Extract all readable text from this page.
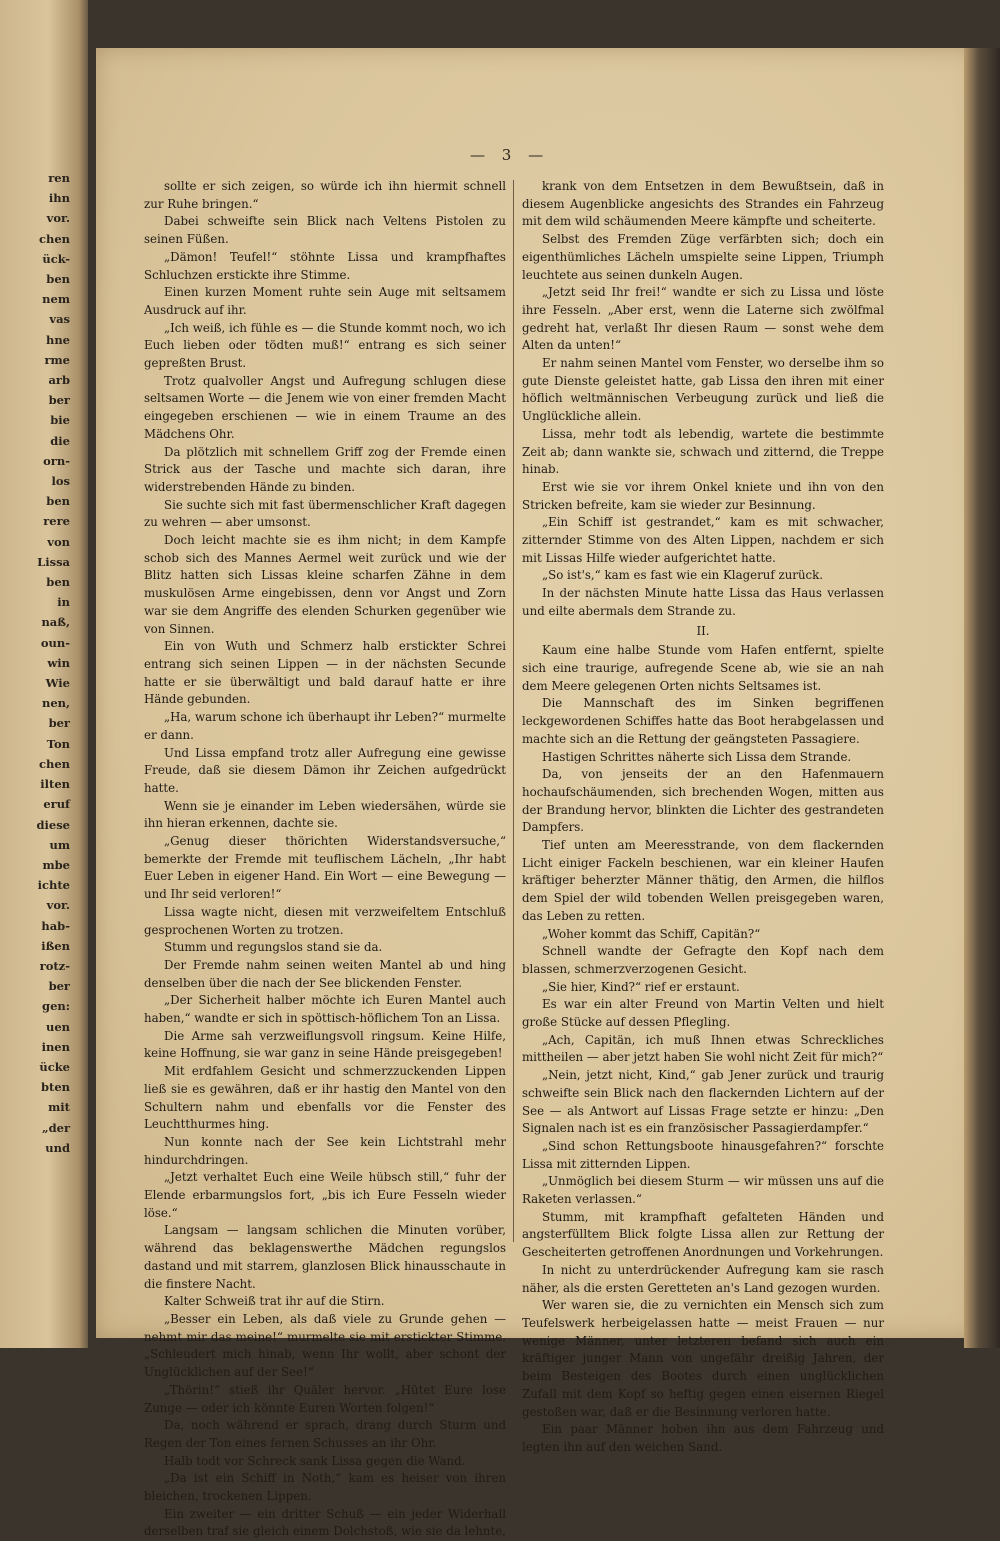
ren
ihn
vor.
chen
ück-
ben
nem
vas
hne
rme
arb
ber
bie
die
orn-
los
ben
rere
von
Lissa
ben
in
naß,
oun-
win
Wie
nen,
ber
Ton
chen
ilten
eruf
diese
um
mbe
ichte
vor.
hab-
ißen
rotz-
ber
gen:
uen
inen
ücke
bten
mit
„der
und
— 3 —

sollte er sich zeigen, so würde ich ihn hiermit schnell zur Ruhe bringen.“

Dabei schweifte sein Blick nach Veltens Pistolen zu seinen Füßen.

„Dämon! Teufel!“ stöhnte Lissa und krampfhaftes Schluchzen erstickte ihre Stimme.

Einen kurzen Moment ruhte sein Auge mit seltsamem Ausdruck auf ihr.

„Ich weiß, ich fühle es — die Stunde kommt noch, wo ich Euch lieben oder tödten muß!“ entrang es sich seiner gepreßten Brust.

Trotz qualvoller Angst und Aufregung schlugen diese seltsamen Worte — die Jenem wie von einer fremden Macht eingegeben erschienen — wie in einem Traume an des Mädchens Ohr.

Da plötzlich mit schnellem Griff zog der Fremde einen Strick aus der Tasche und machte sich daran, ihre widerstrebenden Hände zu binden.

Sie suchte sich mit fast übermenschlicher Kraft dagegen zu wehren — aber umsonst.

Doch leicht machte sie es ihm nicht; in dem Kampfe schob sich des Mannes Aermel weit zurück und wie der Blitz hatten sich Lissas kleine scharfen Zähne in dem muskulösen Arme eingebissen, denn vor Angst und Zorn war sie dem Angriffe des elenden Schurken gegenüber wie von Sinnen.

Ein von Wuth und Schmerz halb erstickter Schrei entrang sich seinen Lippen — in der nächsten Secunde hatte er sie überwältigt und bald darauf hatte er ihre Hände gebunden.

„Ha, warum schone ich überhaupt ihr Leben?“ murmelte er dann.

Und Lissa empfand trotz aller Aufregung eine gewisse Freude, daß sie diesem Dämon ihr Zeichen aufgedrückt hatte.

Wenn sie je einander im Leben wiedersähen, würde sie ihn hieran erkennen, dachte sie.

„Genug dieser thörichten Widerstandsversuche,“ bemerkte der Fremde mit teuflischem Lächeln, „Ihr habt Euer Leben in eigener Hand. Ein Wort — eine Bewegung — und Ihr seid verloren!“

Lissa wagte nicht, diesen mit verzweifeltem Entschluß gesprochenen Worten zu trotzen.

Stumm und regungslos stand sie da.

Der Fremde nahm seinen weiten Mantel ab und hing denselben über die nach der See blickenden Fenster.

„Der Sicherheit halber möchte ich Euren Mantel auch haben,“ wandte er sich in spöttisch-höflichem Ton an Lissa.

Die Arme sah verzweiflungsvoll ringsum. Keine Hilfe, keine Hoffnung, sie war ganz in seine Hände preisgegeben!

Mit erdfahlem Gesicht und schmerzzuckenden Lippen ließ sie es gewähren, daß er ihr hastig den Mantel von den Schultern nahm und ebenfalls vor die Fenster des Leuchtthurmes hing.

Nun konnte nach der See kein Lichtstrahl mehr hindurchdringen.

„Jetzt verhaltet Euch eine Weile hübsch still,“ fuhr der Elende erbarmungslos fort, „bis ich Eure Fesseln wieder löse.“

Langsam — langsam schlichen die Minuten vorüber, während das beklagenswerthe Mädchen regungslos dastand und mit starrem, glanzlosen Blick hinausschaute in die finstere Nacht.

Kalter Schweiß trat ihr auf die Stirn.

„Besser ein Leben, als daß viele zu Grunde gehen — nehmt mir das meine!“ murmelte sie mit erstickter Stimme. „Schleudert mich hinab, wenn Ihr wollt, aber schont der Unglücklichen auf der See!“

„Thörin!“ stieß ihr Quäler hervor. „Hütet Eure lose Zunge — oder ich könnte Euren Worten folgen!“

Da, noch während er sprach, drang durch Sturm und Regen der Ton eines fernen Schusses an ihr Ohr.

Halb todt vor Schreck sank Lissa gegen die Wand.

„Da ist ein Schiff in Noth,“ kam es heiser von ihren bleichen, trockenen Lippen.

Ein zweiter — ein dritter Schuß — ein jeder Widerhall derselben traf sie gleich einem Dolchstoß, wie sie da lehnte,

krank von dem Entsetzen in dem Bewußtsein, daß in diesem Augenblicke angesichts des Strandes ein Fahrzeug mit dem wild schäumenden Meere kämpfte und scheiterte.

Selbst des Fremden Züge verfärbten sich; doch ein eigenthümliches Lächeln umspielte seine Lippen, Triumph leuchtete aus seinen dunkeln Augen.

„Jetzt seid Ihr frei!“ wandte er sich zu Lissa und löste ihre Fesseln. „Aber erst, wenn die Laterne sich zwölfmal gedreht hat, verlaßt Ihr diesen Raum — sonst wehe dem Alten da unten!“

Er nahm seinen Mantel vom Fenster, wo derselbe ihm so gute Dienste geleistet hatte, gab Lissa den ihren mit einer höflich weltmännischen Verbeugung zurück und ließ die Unglückliche allein.

Lissa, mehr todt als lebendig, wartete die bestimmte Zeit ab; dann wankte sie, schwach und zitternd, die Treppe hinab.

Erst wie sie vor ihrem Onkel kniete und ihn von den Stricken befreite, kam sie wieder zur Besinnung.

„Ein Schiff ist gestrandet,“ kam es mit schwacher, zitternder Stimme von des Alten Lippen, nachdem er sich mit Lissas Hilfe wieder aufgerichtet hatte.

„So ist's,“ kam es fast wie ein Klageruf zurück.

In der nächsten Minute hatte Lissa das Haus verlassen und eilte abermals dem Strande zu.

II.

Kaum eine halbe Stunde vom Hafen entfernt, spielte sich eine traurige, aufregende Scene ab, wie sie an nah dem Meere gelegenen Orten nichts Seltsames ist.

Die Mannschaft des im Sinken begriffenen leckgewordenen Schiffes hatte das Boot herabgelassen und machte sich an die Rettung der geängsteten Passagiere.

Hastigen Schrittes näherte sich Lissa dem Strande.

Da, von jenseits der an den Hafenmauern hochaufschäumenden, sich brechenden Wogen, mitten aus der Brandung hervor, blinkten die Lichter des gestrandeten Dampfers.

Tief unten am Meeresstrande, von dem flackernden Licht einiger Fackeln beschienen, war ein kleiner Haufen kräftiger beherzter Männer thätig, den Armen, die hilflos dem Spiel der wild tobenden Wellen preisgegeben waren, das Leben zu retten.

„Woher kommt das Schiff, Capitän?“

Schnell wandte der Gefragte den Kopf nach dem blassen, schmerzverzogenen Gesicht.

„Sie hier, Kind?“ rief er erstaunt.

Es war ein alter Freund von Martin Velten und hielt große Stücke auf dessen Pflegling.

„Ach, Capitän, ich muß Ihnen etwas Schreckliches mittheilen — aber jetzt haben Sie wohl nicht Zeit für mich?“

„Nein, jetzt nicht, Kind,“ gab Jener zurück und traurig schweifte sein Blick nach den flackernden Lichtern auf der See — als Antwort auf Lissas Frage setzte er hinzu: „Den Signalen nach ist es ein französischer Passagierdampfer.“

„Sind schon Rettungsboote hinausgefahren?“ forschte Lissa mit zitternden Lippen.

„Unmöglich bei diesem Sturm — wir müssen uns auf die Raketen verlassen.“

Stumm, mit krampfhaft gefalteten Händen und angsterfülltem Blick folgte Lissa allen zur Rettung der Gescheiterten getroffenen Anordnungen und Vorkehrungen.

In nicht zu unterdrückender Aufregung kam sie rasch näher, als die ersten Geretteten an's Land gezogen wurden.

Wer waren sie, die zu vernichten ein Mensch sich zum Teufelswerk herbeigelassen hatte — meist Frauen — nur wenige Männer, unter letzteren befand sich auch ein kräftiger junger Mann von ungefähr dreißig Jahren, der beim Besteigen des Bootes durch einen unglücklichen Zufall mit dem Kopf so heftig gegen einen eisernen Riegel gestoßen war, daß er die Besinnung verloren hatte.

Ein paar Männer hoben ihn aus dem Fahrzeug und legten ihn auf den weichen Sand.
